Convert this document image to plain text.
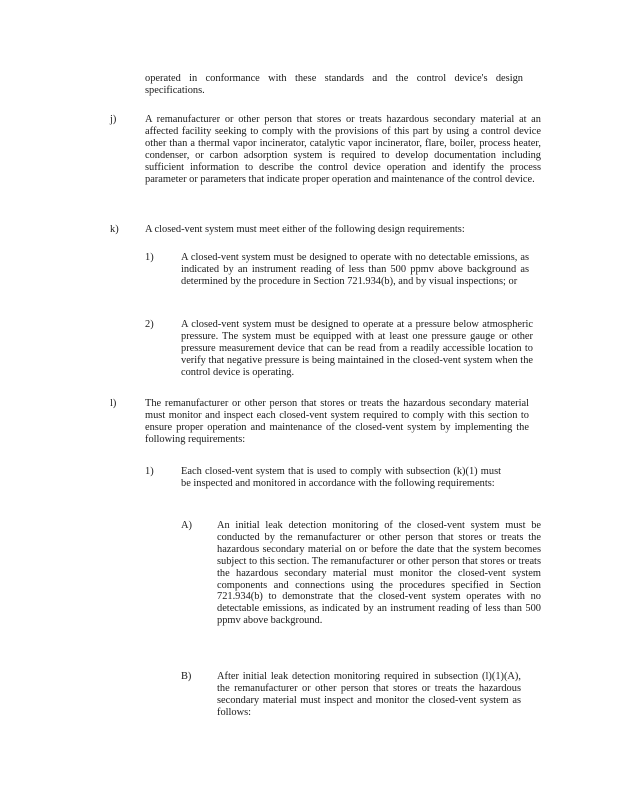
operated in conformance with these standards and the control device's design specifications.
j)	A remanufacturer or other person that stores or treats hazardous secondary material at an affected facility seeking to comply with the provisions of this part by using a control device other than a thermal vapor incinerator, catalytic vapor incinerator, flare, boiler, process heater, condenser, or carbon adsorption system is required to develop documentation including sufficient information to describe the control device operation and identify the process parameter or parameters that indicate proper operation and maintenance of the control device.
k)	A closed-vent system must meet either of the following design requirements:
1)	A closed-vent system must be designed to operate with no detectable emissions, as indicated by an instrument reading of less than 500 ppmv above background as determined by the procedure in Section 721.934(b), and by visual inspections; or
2)	A closed-vent system must be designed to operate at a pressure below atmospheric pressure. The system must be equipped with at least one pressure gauge or other pressure measurement device that can be read from a readily accessible location to verify that negative pressure is being maintained in the closed-vent system when the control device is operating.
l)	The remanufacturer or other person that stores or treats the hazardous secondary material must monitor and inspect each closed-vent system required to comply with this section to ensure proper operation and maintenance of the closed-vent system by implementing the following requirements:
1)	Each closed-vent system that is used to comply with subsection (k)(1) must be inspected and monitored in accordance with the following requirements:
A) An initial leak detection monitoring of the closed-vent system must be conducted by the remanufacturer or other person that stores or treats the hazardous secondary material on or before the date that the system becomes subject to this section. The remanufacturer or other person that stores or treats the hazardous secondary material must monitor the closed-vent system components and connections using the procedures specified in Section 721.934(b) to demonstrate that the closed-vent system operates with no detectable emissions, as indicated by an instrument reading of less than 500 ppmv above background.
B) After initial leak detection monitoring required in subsection (l)(1)(A), the remanufacturer or other person that stores or treats the hazardous secondary material must inspect and monitor the closed-vent system as follows:
